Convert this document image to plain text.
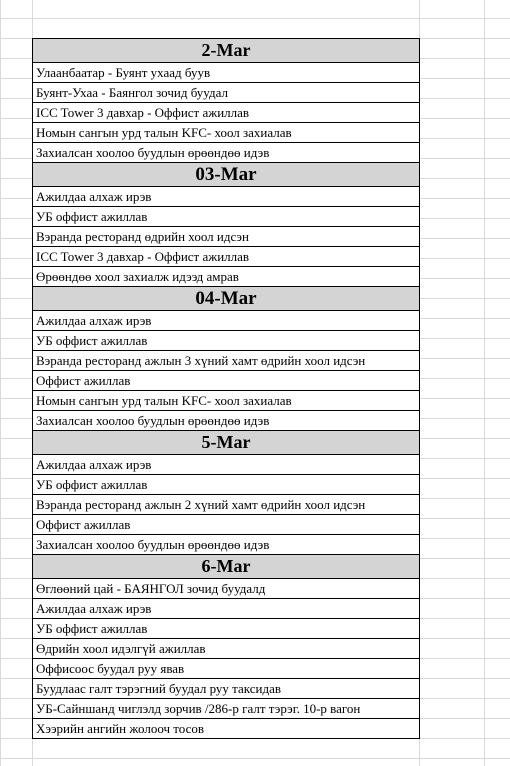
2-Mar
Улаанбаатар - Буянт ухаад буув
Буянт-Ухаа - Баянгол зочид буудал
ICC Tower 3 давхар - Оффист ажиллав
Номын сангын урд талын KFC- хоол захиалав
Захиалсан хоолоо буудлын өрөөндөө идэв
03-Mar
Ажилдаа алхаж ирэв
УБ оффист ажиллав
Вэранда ресторанд өдрийн хоол идсэн
ICC Tower 3 давхар - Оффист ажиллав
Өрөөндөө хоол захиалж идээд амрав
04-Mar
Ажилдаа алхаж ирэв
УБ оффист ажиллав
Вэранда ресторанд ажлын 3 хүний хамт өдрийн хоол идсэн
Оффист ажиллав
Номын сангын урд талын KFC- хоол захиалав
Захиалсан хоолоо буудлын өрөөндөө идэв
5-Mar
Ажилдаа алхаж ирэв
УБ оффист ажиллав
Вэранда ресторанд ажлын 2 хүний хамт өдрийн хоол идсэн
Оффист ажиллав
Захиалсан хоолоо буудлын өрөөндөө идэв
6-Mar
Өглөөний цай - БАЯНГОЛ зочид буудалд
Ажилдаа алхаж ирэв
УБ оффист ажиллав
Өдрийн хоол идэлгүй ажиллав
Оффисоос буудал руу явав
Буудлаас галт тэрэгний буудал руу таксидав
УБ-Сайншанд чиглэлд зорчив /286-р галт тэрэг. 10-р вагон
Хээрийн ангийн жолооч тосов
